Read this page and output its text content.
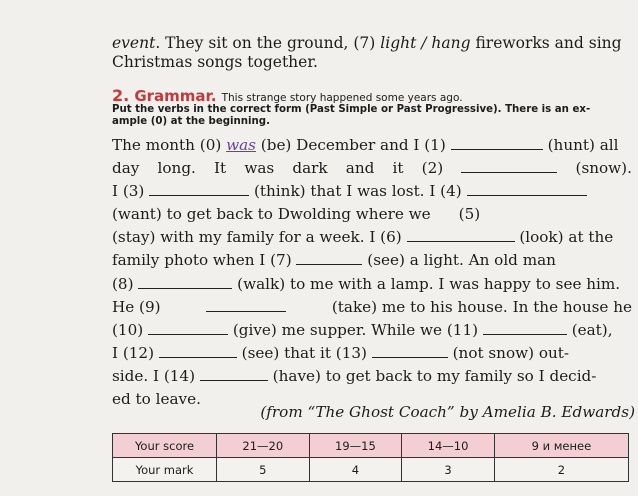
event. They sit on the ground, (7) light / hang fireworks and sing
Christmas songs together.
2. Grammar. This strange story happened some years ago.
Put the verbs in the correct form (Past Simple or Past Progressive). There is an ex-
ample (0) at the beginning.
The month (0) was (be) December and I (1)	(hunt) all
day long. It was dark and it (2)	(snow).
I (3)	(think) that I was lost. I (4)
(want) to get back to Dwolding where we (5)
(stay) with my family for a week. I (6)	(look) at the
family photo when I (7)	(see) a light. An old man
(8)	(walk) to me with a lamp. I was happy to see him.
He (9)	(take) me to his house. In the house he
(10)	(give) me supper. While we (11)	(eat),
I (12)	(see) that it (13)	(not snow) out-
side. I (14)	(have) to get back to my family so I decid-
ed to leave.
(from “The Ghost Coach” by Amelia B. Edwards)
Your score	21—20	19—15	14—10	9 и менее
Your mark	5	4	3	2
